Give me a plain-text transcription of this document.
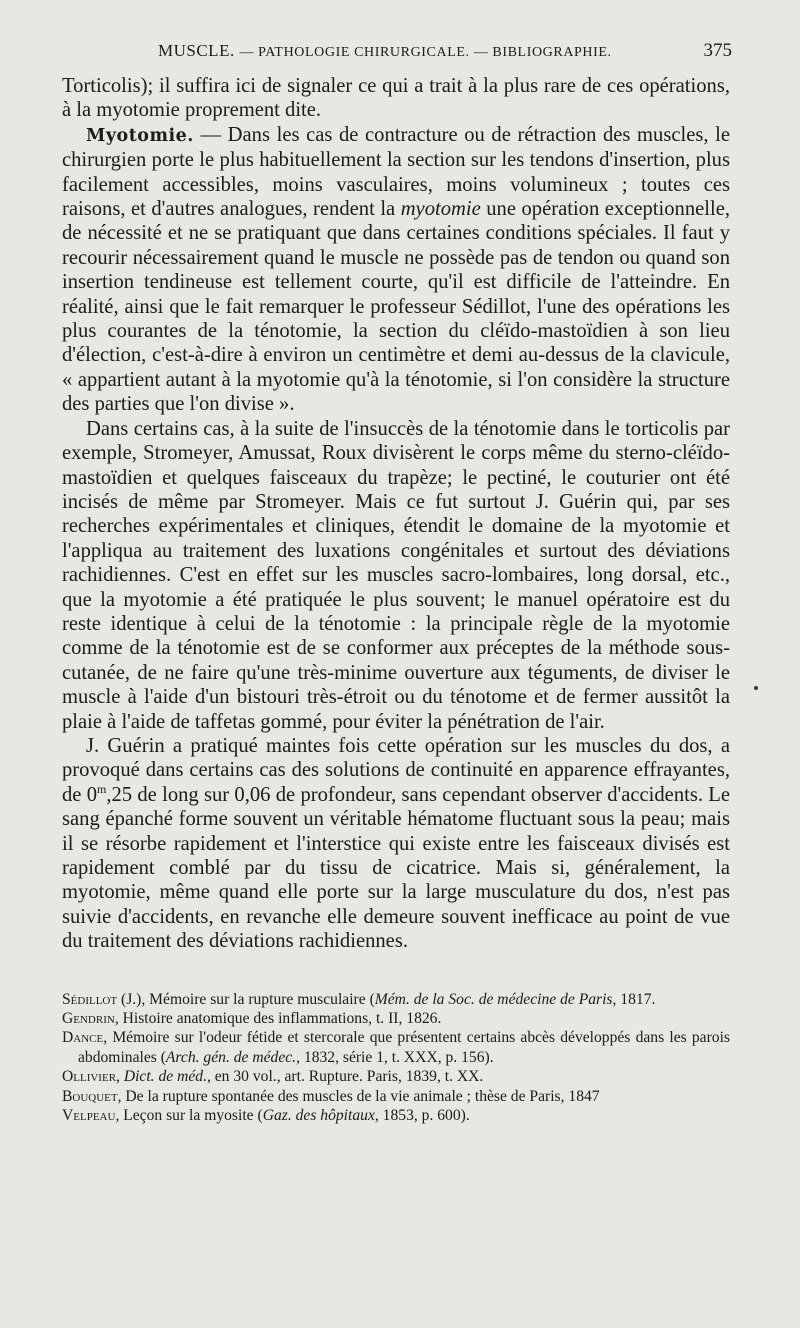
MUSCLE. — PATHOLOGIE CHIRURGICALE. — BIBLIOGRAPHIE.	375

Torticolis); il suffira ici de signaler ce qui a trait à la plus rare de ces opérations, à la myotomie proprement dite.

Myotomie. — Dans les cas de contracture ou de rétraction des muscles, le chirurgien porte le plus habituellement la section sur les tendons d'insertion, plus facilement accessibles, moins vasculaires, moins volumineux ; toutes ces raisons, et d'autres analogues, rendent la myotomie une opération exceptionnelle, de nécessité et ne se pratiquant que dans certaines conditions spéciales. Il faut y recourir nécessairement quand le muscle ne possède pas de tendon ou quand son insertion tendineuse est tellement courte, qu'il est difficile de l'atteindre. En réalité, ainsi que le fait remarquer le professeur Sédillot, l'une des opérations les plus courantes de la ténotomie, la section du cléïdo-mastoïdien à son lieu d'élection, c'est-à-dire à environ un centimètre et demi au-dessus de la clavicule, « appartient autant à la myotomie qu'à la ténotomie, si l'on considère la structure des parties que l'on divise ».

Dans certains cas, à la suite de l'insuccès de la ténotomie dans le torticolis par exemple, Stromeyer, Amussat, Roux divisèrent le corps même du sterno-cléïdo-mastoïdien et quelques faisceaux du trapèze; le pectiné, le couturier ont été incisés de même par Stromeyer. Mais ce fut surtout J. Guérin qui, par ses recherches expérimentales et cliniques, étendit le domaine de la myotomie et l'appliqua au traitement des luxations congénitales et surtout des déviations rachidiennes. C'est en effet sur les muscles sacro-lombaires, long dorsal, etc., que la myotomie a été pratiquée le plus souvent; le manuel opératoire est du reste identique à celui de la ténotomie : la principale règle de la myotomie comme de la ténotomie est de se conformer aux préceptes de la méthode sous-cutanée, de ne faire qu'une très-minime ouverture aux téguments, de diviser le muscle à l'aide d'un bistouri très-étroit ou du ténotome et de fermer aussitôt la plaie à l'aide de taffetas gommé, pour éviter la pénétration de l'air.

J. Guérin a pratiqué maintes fois cette opération sur les muscles du dos, a provoqué dans certains cas des solutions de continuité en apparence effrayantes, de 0$^m$,25 de long sur 0,06 de profondeur, sans cependant observer d'accidents. Le sang épanché forme souvent un véritable hématome fluctuant sous la peau; mais il se résorbe rapidement et l'interstice qui existe entre les faisceaux divisés est rapidement comblé par du tissu de cicatrice. Mais si, généralement, la myotomie, même quand elle porte sur la large musculature du dos, n'est pas suivie d'accidents, en revanche elle demeure souvent inefficace au point de vue du traitement des déviations rachidiennes.

Sédillot (J.), Mémoire sur la rupture musculaire (Mém. de la Soc. de médecine de Paris, 1817.
Gendrin, Histoire anatomique des inflammations, t. II, 1826.
Dance, Mémoire sur l'odeur fétide et stercorale que présentent certains abcès développés dans les parois abdominales (Arch. gén. de médec., 1832, série 1, t. XXX, p. 156).
Ollivier, Dict. de méd., en 30 vol., art. Rupture. Paris, 1839, t. XX.
Bouquet, De la rupture spontanée des muscles de la vie animale ; thèse de Paris, 1847
Velpeau, Leçon sur la myosite (Gaz. des hôpitaux, 1853, p. 600).
